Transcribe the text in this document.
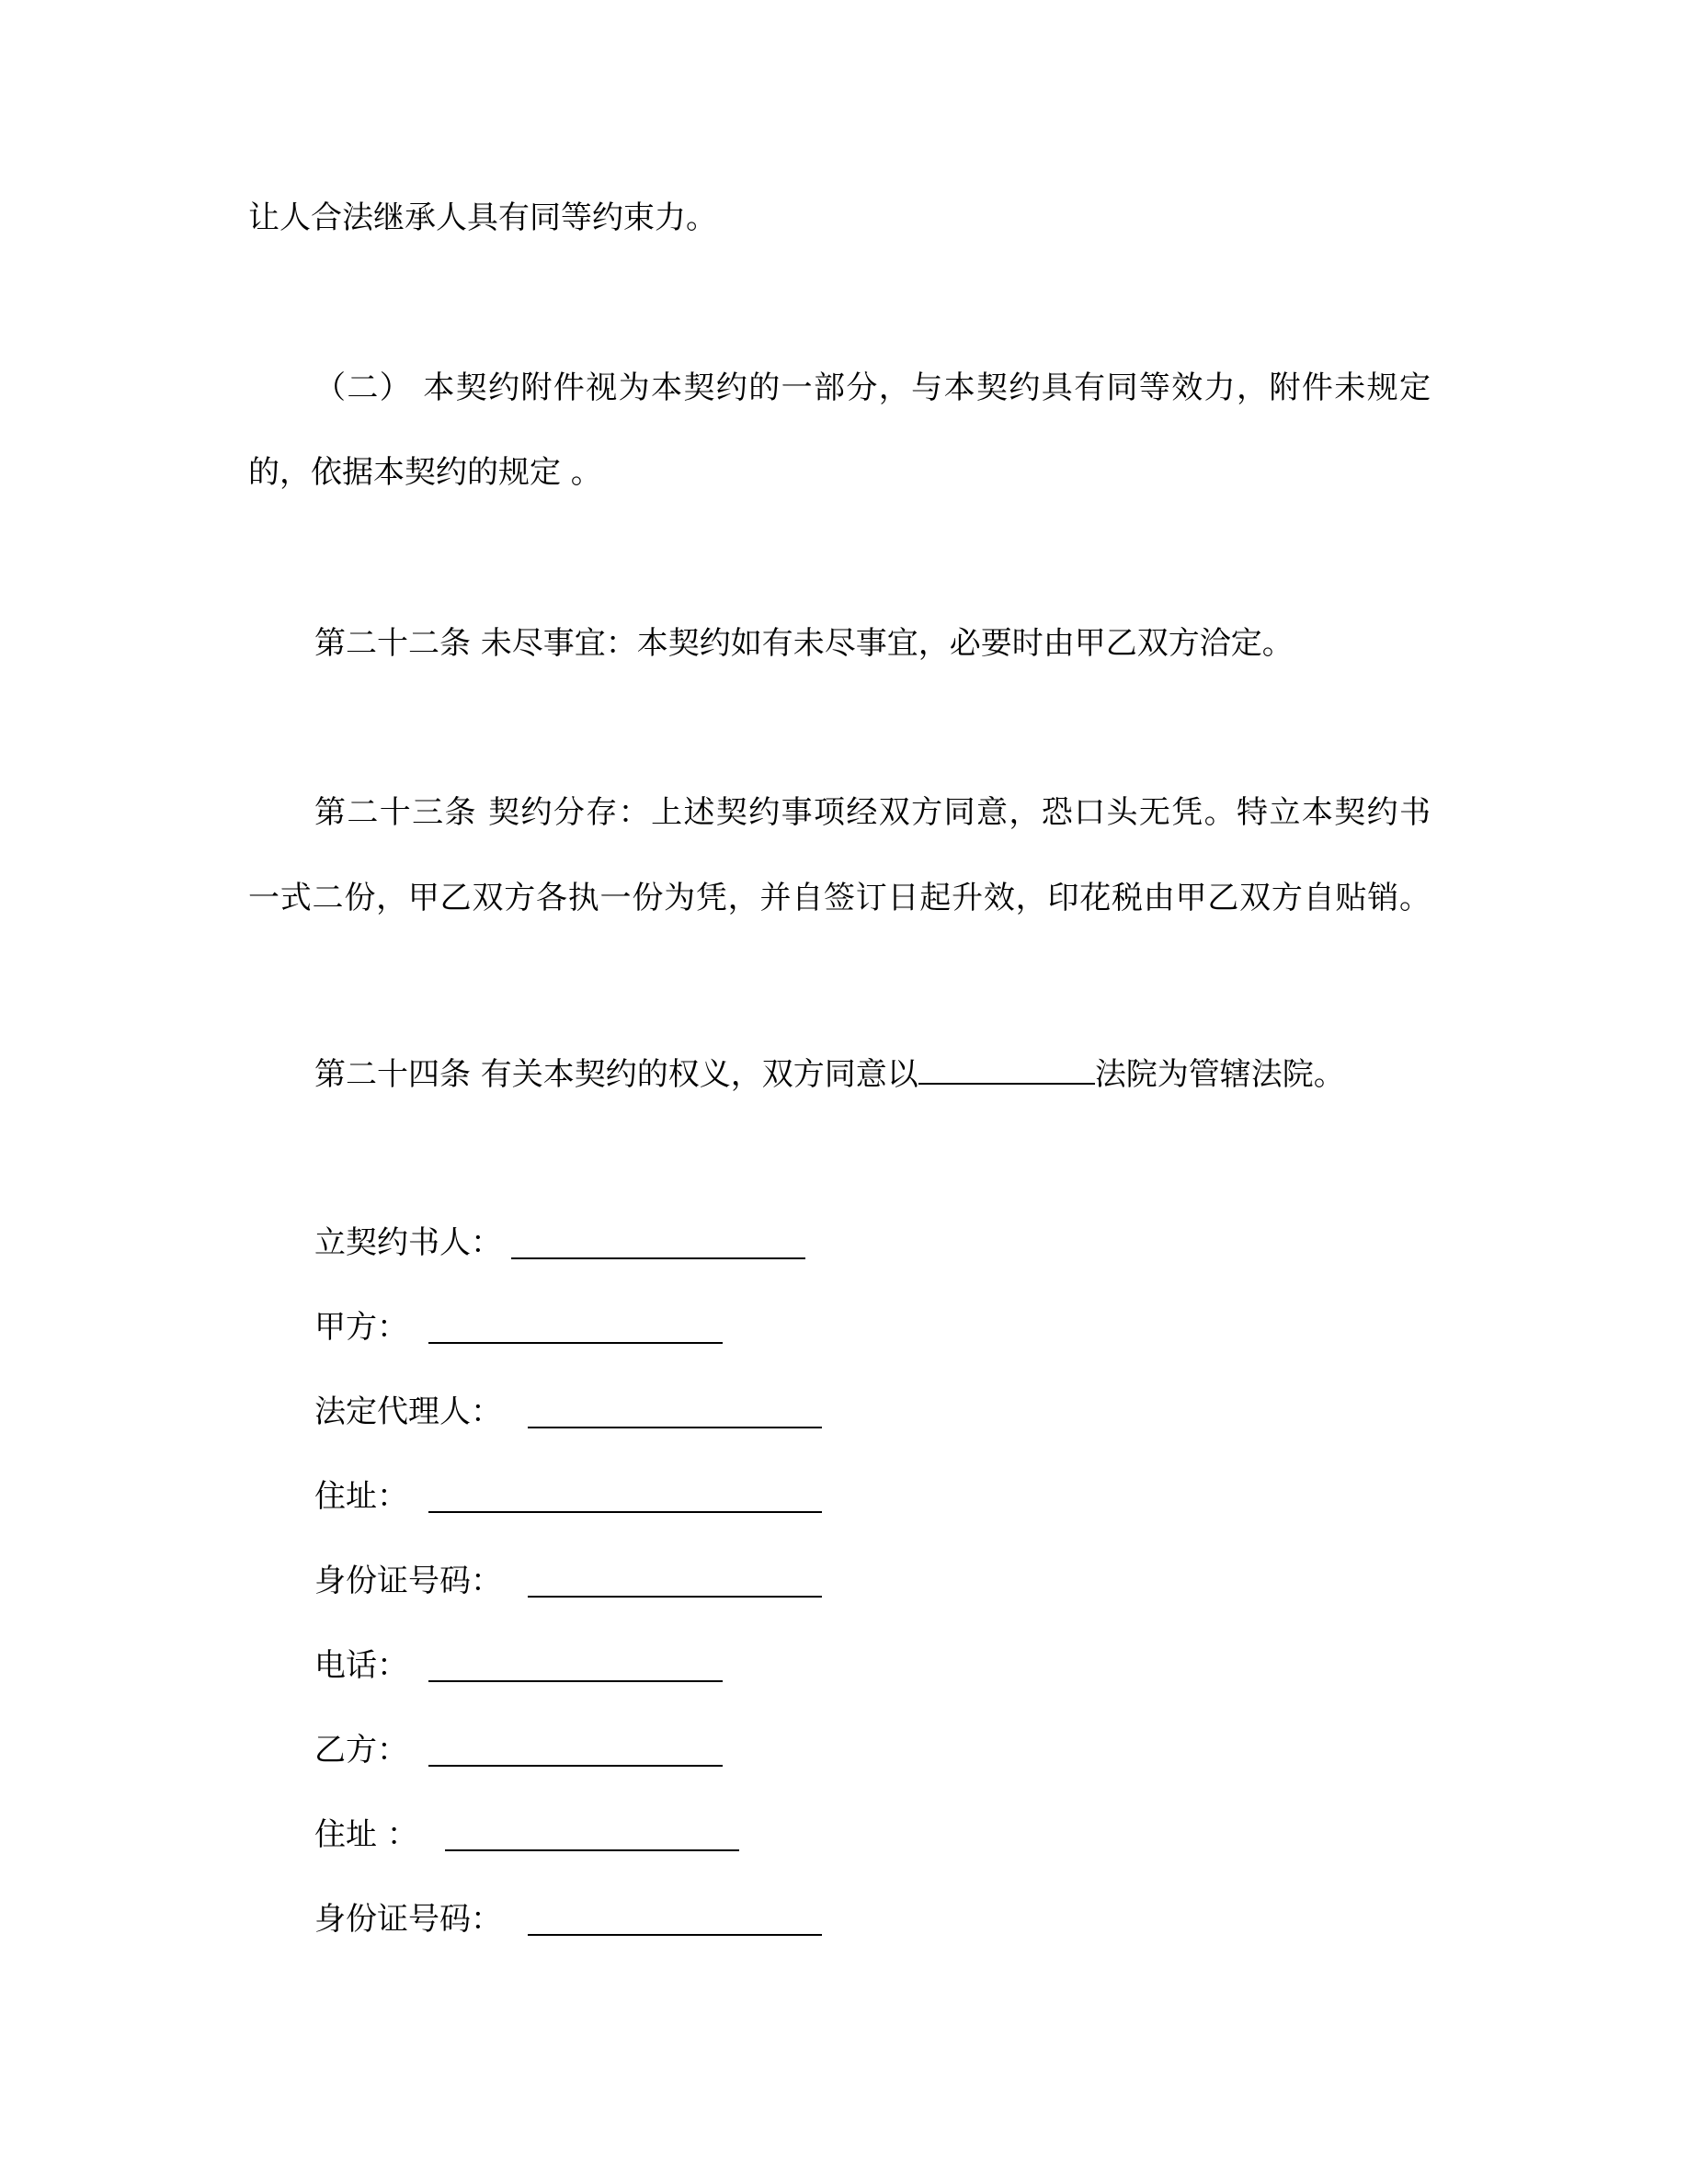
让人合法继承人具有同等约束力。
（二） 本契约附件视为本契约的一部分，与本契约具有同等效力，附件未规定
的，依据本契约的规定 。
第二十二条 未尽事宜：本契约如有未尽事宜，必要时由甲乙双方洽定。
第二十三条 契约分存：上述契约事项经双方同意，恐口头无凭。特立本契约书
一式二份，甲乙双方各执一份为凭，并自签订日起升效，印花税由甲乙双方自贴销。
第二十四条 有关本契约的权义，双方同意以	法院为管辖法院。
立契约书人：
甲方：
法定代理人：
住址：
身份证号码：
电话：
乙方：
住址 ：
身份证号码：
